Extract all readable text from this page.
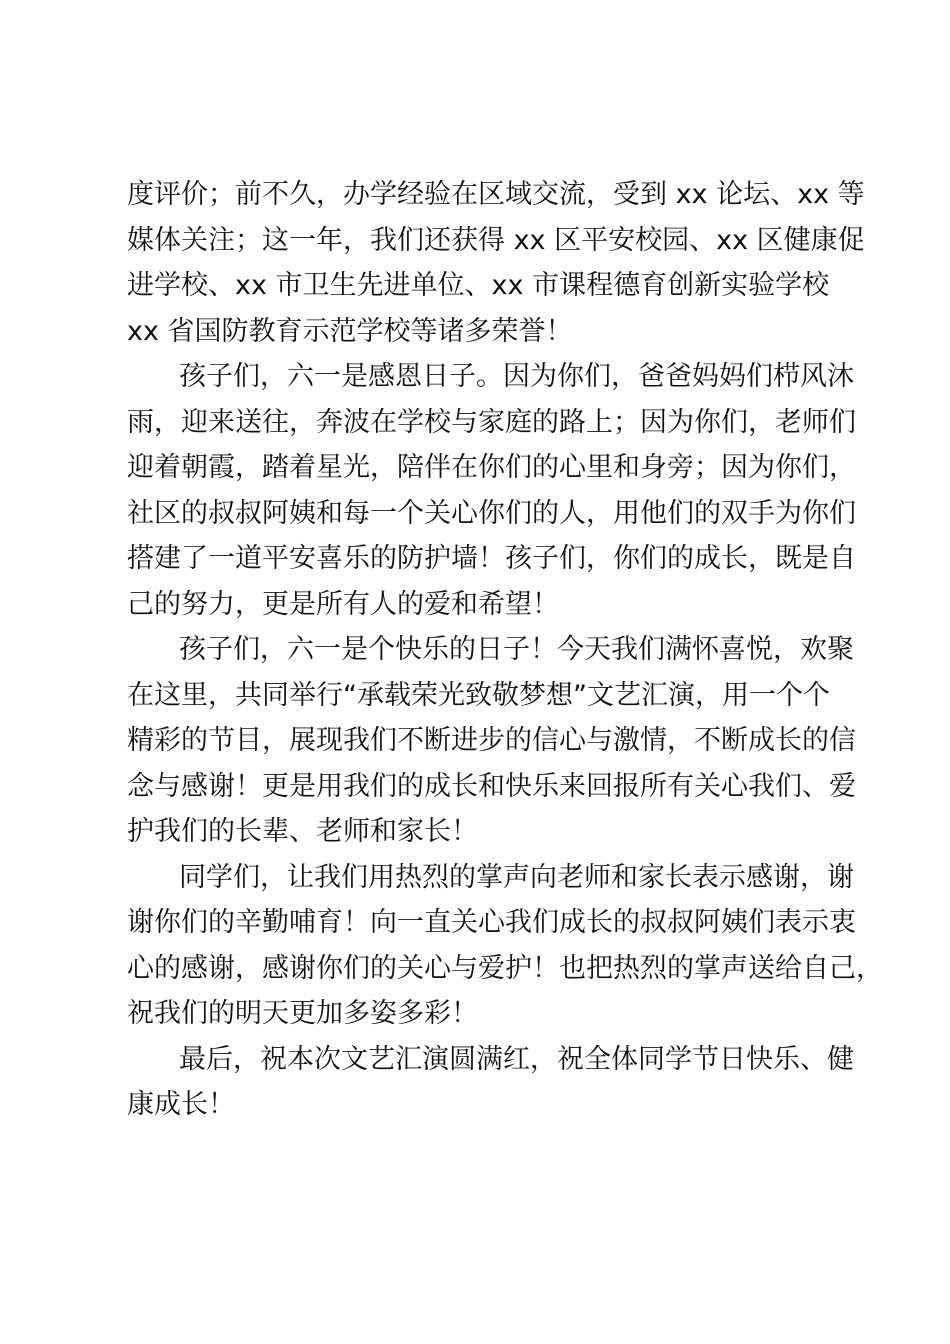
度评价；前不久，办学经验在区域交流，受到 xx 论坛、xx 等
媒体关注；这一年，我们还获得 xx 区平安校园、xx 区健康促
进学校、xx 市卫生先进单位、xx 市课程德育创新实验学校
xx 省国防教育示范学校等诸多荣誉！
孩子们，六一是感恩日子。因为你们，爸爸妈妈们栉风沐
雨，迎来送往，奔波在学校与家庭的路上；因为你们，老师们
迎着朝霞，踏着星光，陪伴在你们的心里和身旁；因为你们，
社区的叔叔阿姨和每一个关心你们的人，用他们的双手为你们
搭建了一道平安喜乐的防护墙！孩子们，你们的成长，既是自
己的努力，更是所有人的爱和希望！
孩子们，六一是个快乐的日子！今天我们满怀喜悦，欢聚
在这里，共同举行“承载荣光致敬梦想”文艺汇演，用一个个
精彩的节目，展现我们不断进步的信心与激情，不断成长的信
念与感谢！更是用我们的成长和快乐来回报所有关心我们、爱
护我们的长辈、老师和家长！
同学们，让我们用热烈的掌声向老师和家长表示感谢，谢
谢你们的辛勤哺育！向一直关心我们成长的叔叔阿姨们表示衷
心的感谢，感谢你们的关心与爱护！也把热烈的掌声送给自己，
祝我们的明天更加多姿多彩！
最后，祝本次文艺汇演圆满红，祝全体同学节日快乐、健
康成长！
